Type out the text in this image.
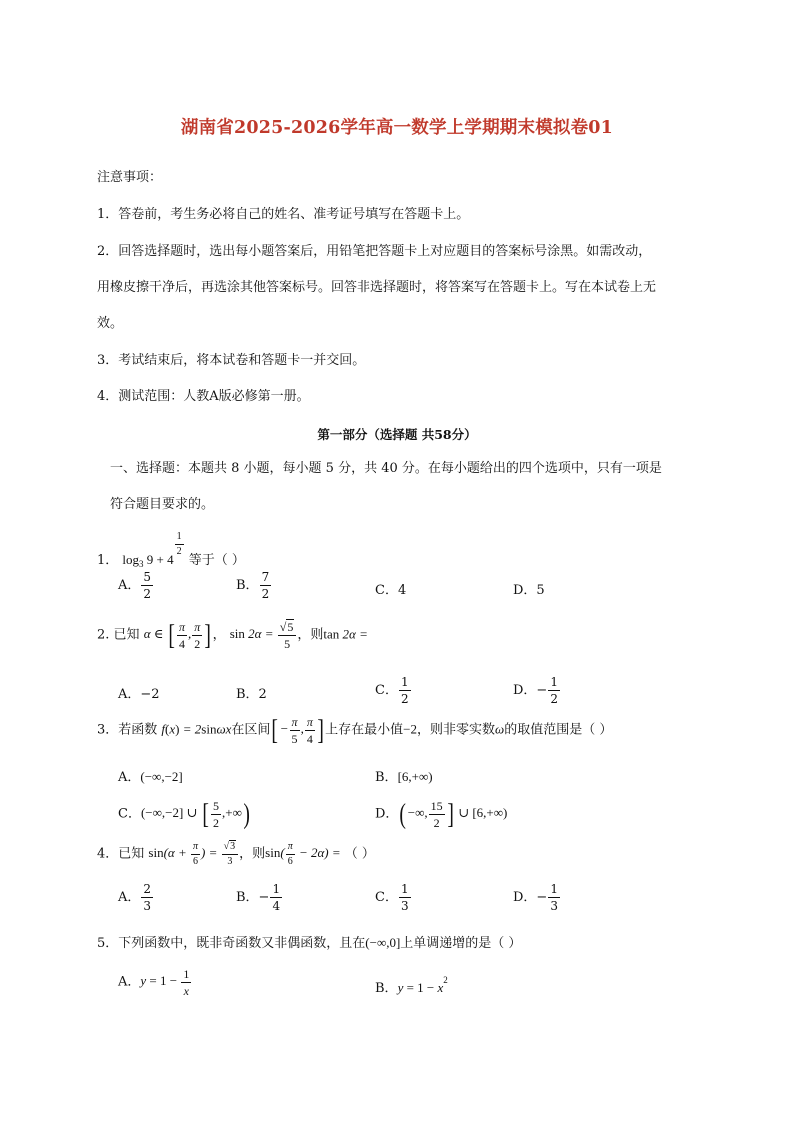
湖南省2025-2026学年高一数学上学期期末模拟卷01
注意事项：
1．答卷前，考生务必将自己的姓名、准考证号填写在答题卡上。
2．回答选择题时，选出每小题答案后，用铅笔把答题卡上对应题目的答案标号涂黑。如需改动，
用橡皮擦干净后，再选涂其他答案标号。回答非选择题时，将答案写在答题卡上。写在本试卷上无
效。
3．考试结束后，将本试卷和答题卡一并交回。
4．测试范围：人教A版必修第一册。
第一部分（选择题 共58分）
一、选择题：本题共 8 小题，每小题 5 分，共 40 分。在每小题给出的四个选项中，只有一项是
符合题目要求的。
1． $\log_3 9 + 4$
$\frac{1}{2}$
等于（ ）
A． $\frac{5}{2}$	B． $\frac{7}{2}$	C．4	D．5
2. 已知 α ∈ [ $\frac{\pi}{4}$ , $\frac{\pi}{2}$ ]， $\sin 2\alpha = \frac{√5}{5}$ ，则tan 2α =
A．−2	B．2	C． $\frac{1}{2}$	D．− $\frac{1}{2}$
3．若函数 f(x) = 2sinωx在区间[− $\frac{\pi}{5}$ , $\frac{\pi}{4}$ ]上存在最小值−2，则非零实数ω的取值范围是（ ）
A．(−∞,−2]	B．[6,+∞)
C．(−∞,−2] ∪ [ $\frac{5}{2}$ ,+∞)	D．(−∞, $\frac{15}{2}$ ] ∪ [6,+∞)
4．已知 $\sin(\alpha + \frac{\pi}{6}$ ) = $\frac{√3}{3}$ ，则$\sin( \frac{\pi}{6} - 2\alpha)$ = （ ）
A． $\frac{2}{3}$	B．− $\frac{1}{4}$	C． $\frac{1}{3}$	D．− $\frac{1}{3}$
5．下列函数中，既非奇函数又非偶函数，且在(−∞,0]上单调递增的是（ ）
A．$y = 1 - \frac{1}{x}$	B．$y = 1 - x^2$
